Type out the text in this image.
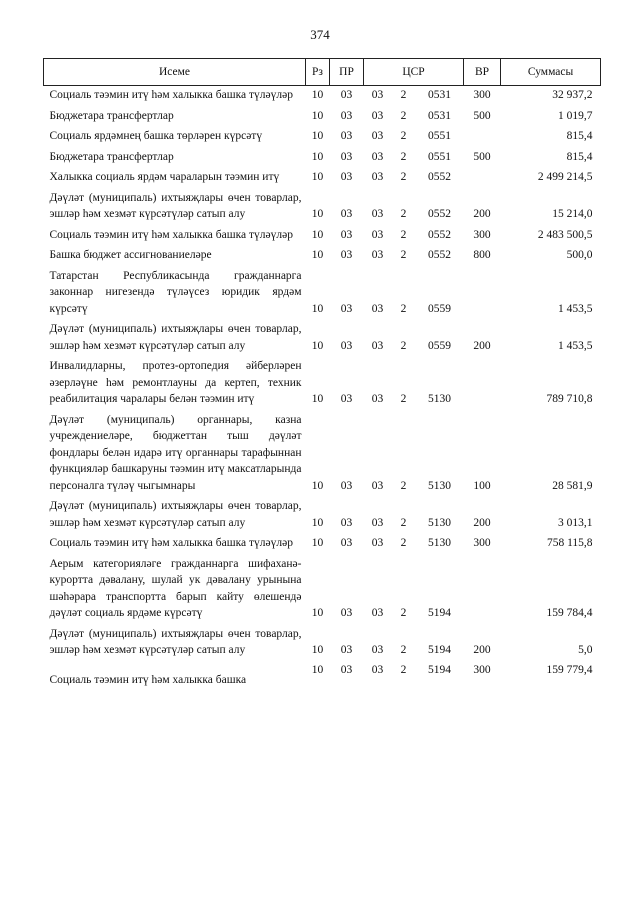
374
Исеме	Рз	ПР	ЦСР			ВР	Суммасы
Социаль тәэмин итү һәм халыкка башка түләүләр	10	03	03	2	0531	300	32 937,2
Бюджетара трансфертлар	10	03	03	2	0531	500	1 019,7
Социаль ярдәмнең башка төрләрен күрсәтү	10	03	03	2	0551		815,4
Бюджетара трансфертлар	10	03	03	2	0551	500	815,4
Халыкка социаль ярдәм чараларын тәэмин итү	10	03	03	2	0552		2 499 214,5
Дәүләт (муниципаль) ихтыяҗлары өчен товарлар, эшләр һәм хезмәт күрсәтүләр сатып алу	10	03	03	2	0552	200	15 214,0
Социаль тәэмин итү һәм халыкка башка түләүләр	10	03	03	2	0552	300	2 483 500,5
Башка бюджет ассигнованиеләре	10	03	03	2	0552	800	500,0
Татарстан Республикасында гражданнарга законнар нигезендә түләүсез юридик ярдәм күрсәтү	10	03	03	2	0559		1 453,5
Дәүләт (муниципаль) ихтыяҗлары өчен товарлар, эшләр һәм хезмәт күрсәтүләр сатып алу	10	03	03	2	0559	200	1 453,5
Инвалидларны, протез-ортопедия әйберләрен әзерләүне һәм ремонтлауны да кертеп, техник реабилитация чаралары белән тәэмин итү	10	03	03	2	5130		789 710,8
Дәүләт (муниципаль) органнары, казна учреждениеләре, бюджеттан тыш дәүләт фондлары белән идарә итү органнары тарафыннан функцияләр башкаруны тәэмин итү максатларында персоналга түләү чыгымнары	10	03	03	2	5130	100	28 581,9
Дәүләт (муниципаль) ихтыяҗлары өчен товарлар, эшләр һәм хезмәт күрсәтүләр сатып алу	10	03	03	2	5130	200	3 013,1
Социаль тәэмин итү һәм халыкка башка түләүләр	10	03	03	2	5130	300	758 115,8
Аерым категорияләге гражданнарга шифаханә-курортта дәвалану, шулай ук дәвалану урынына шәһәрара транспортта барып кайту өлешендә дәүләт социаль ярдәме күрсәтү	10	03	03	2	5194		159 784,4
Дәүләт (муниципаль) ихтыяҗлары өчен товарлар, эшләр һәм хезмәт күрсәтүләр сатып алу	10	03	03	2	5194	200	5,0
Социаль тәэмин итү һәм халыкка башка	10	03	03	2	5194	300	159 779,4
